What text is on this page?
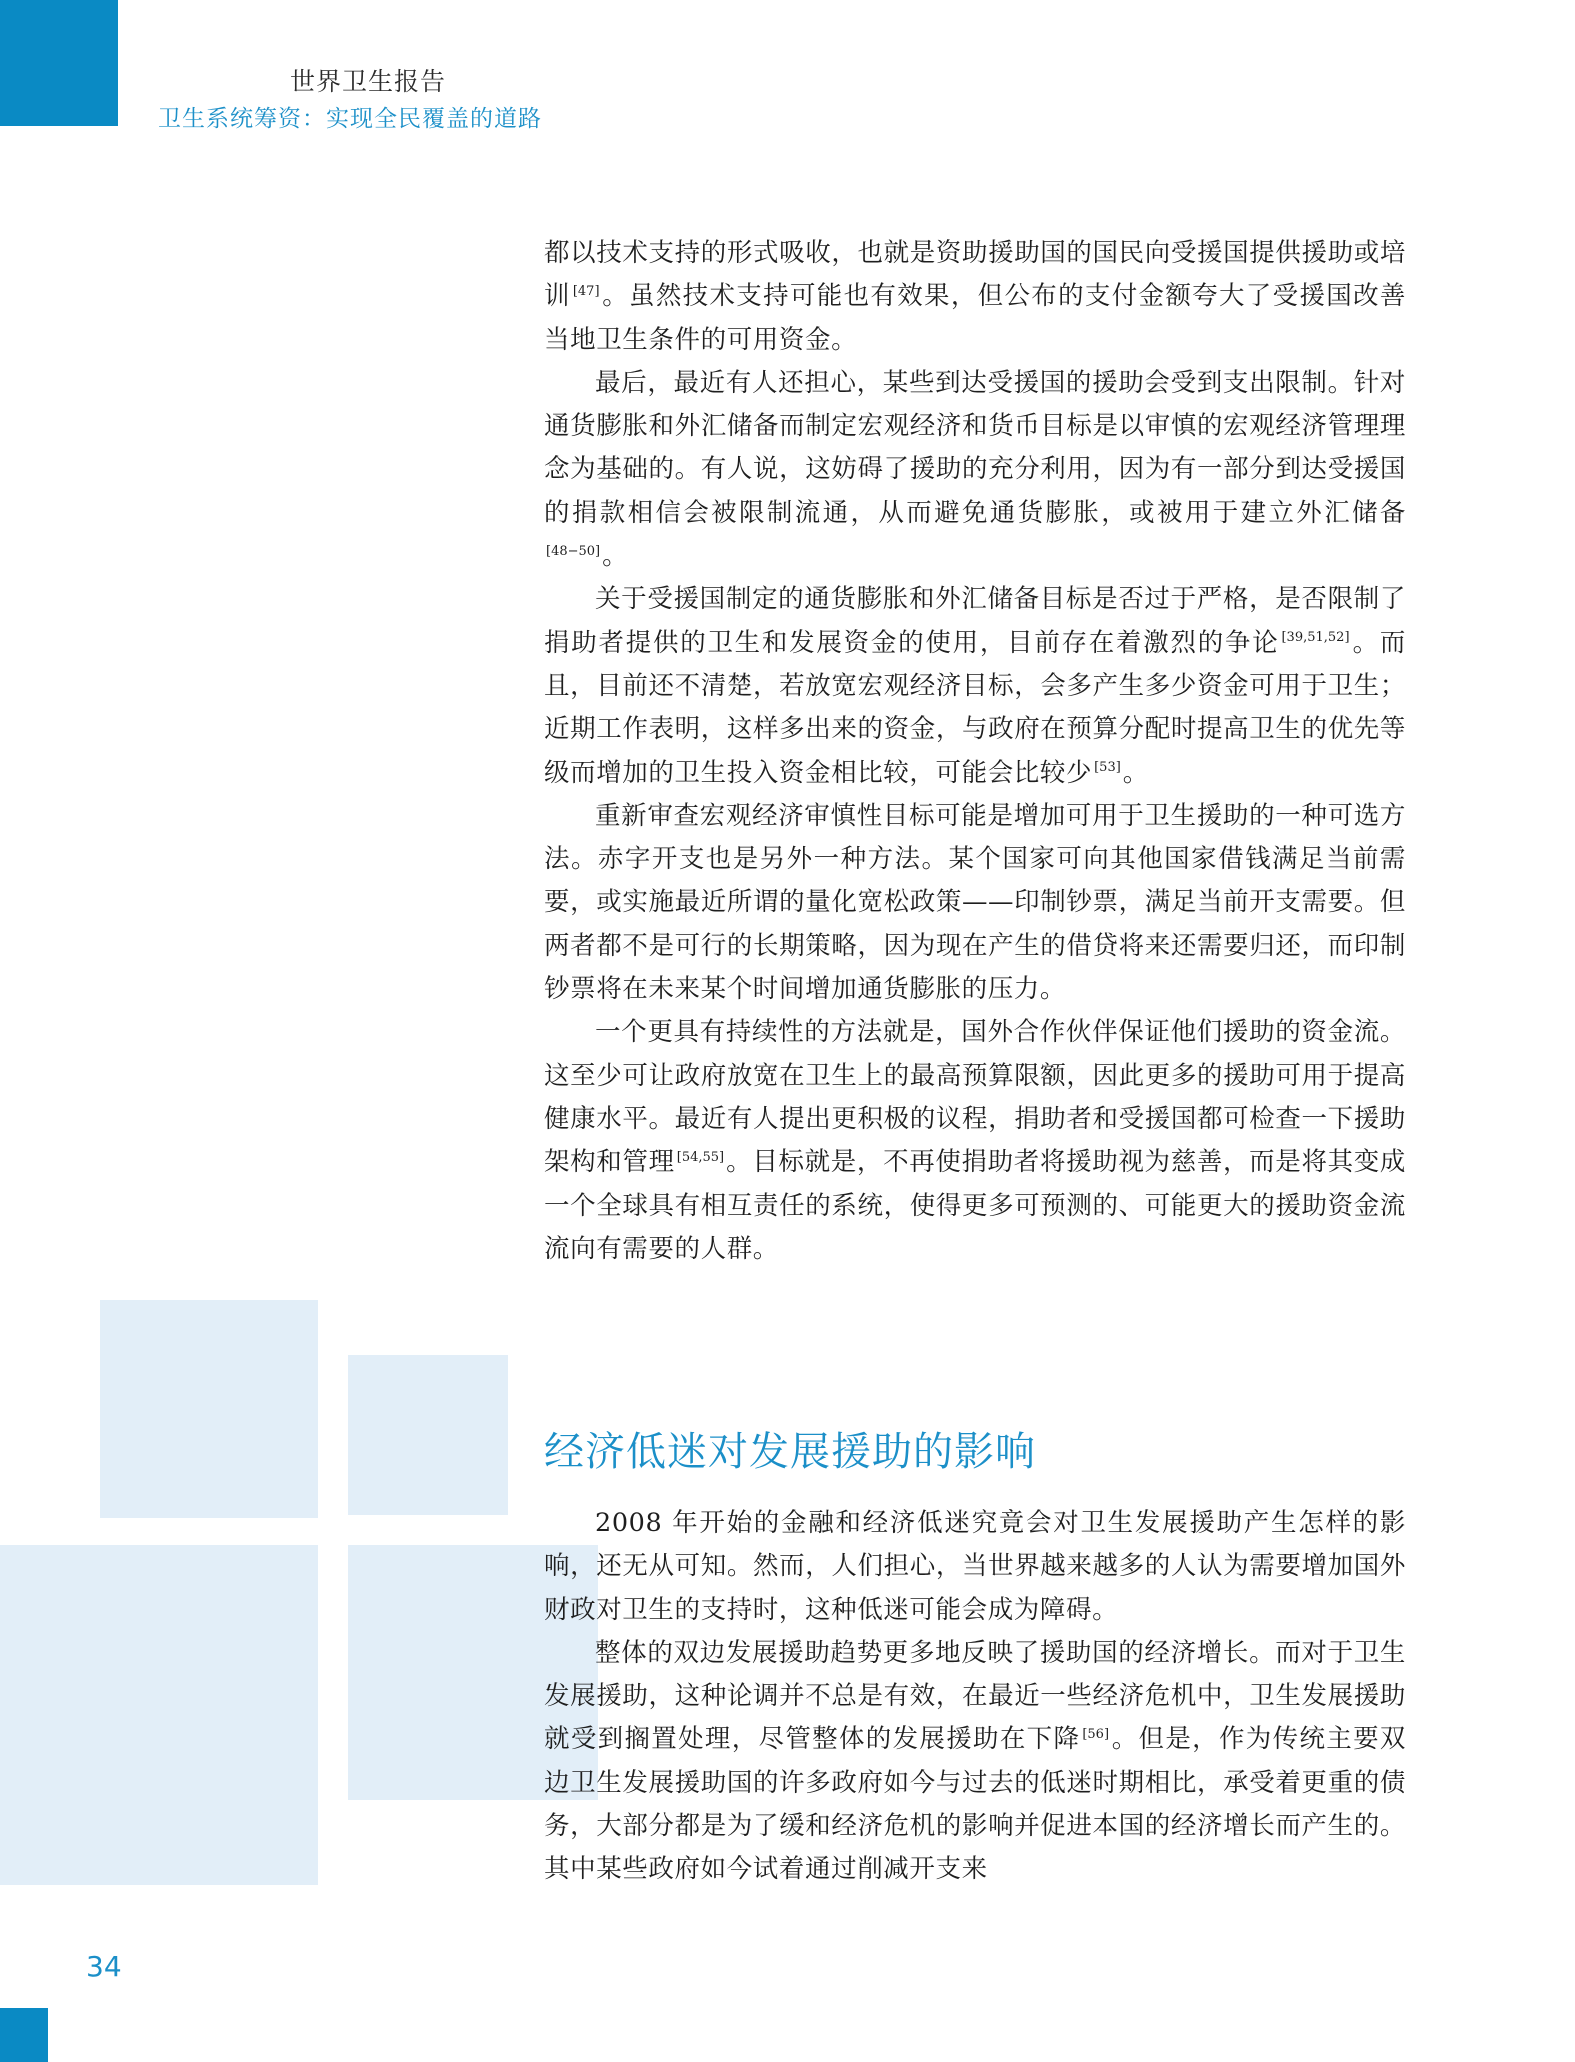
世界卫生报告
卫生系统筹资：实现全民覆盖的道路

都以技术支持的形式吸收，也就是资助援助国的国民向受援国提供援助或培训 [47]。虽然技术支持可能也有效果，但公布的支付金额夸大了受援国改善当地卫生条件的可用资金。

最后，最近有人还担心，某些到达受援国的援助会受到支出限制。针对通货膨胀和外汇储备而制定宏观经济和货币目标是以审慎的宏观经济管理理念为基础的。有人说，这妨碍了援助的充分利用，因为有一部分到达受援国的捐款相信会被限制流通，从而避免通货膨胀，或被用于建立外汇储备[48−50]。

关于受援国制定的通货膨胀和外汇储备目标是否过于严格，是否限制了捐助者提供的卫生和发展资金的使用，目前存在着激烈的争论 [39,51,52]。而且，目前还不清楚，若放宽宏观经济目标，会多产生多少资金可用于卫生；近期工作表明，这样多出来的资金，与政府在预算分配时提高卫生的优先等级而增加的卫生投入资金相比较，可能会比较少 [53]。

重新审查宏观经济审慎性目标可能是增加可用于卫生援助的一种可选方法。赤字开支也是另外一种方法。某个国家可向其他国家借钱满足当前需要，或实施最近所谓的量化宽松政策——印制钞票，满足当前开支需要。但两者都不是可行的长期策略，因为现在产生的借贷将来还需要归还，而印制钞票将在未来某个时间增加通货膨胀的压力。

一个更具有持续性的方法就是，国外合作伙伴保证他们援助的资金流。这至少可让政府放宽在卫生上的最高预算限额，因此更多的援助可用于提高健康水平。最近有人提出更积极的议程，捐助者和受援国都可检查一下援助架构和管理 [54,55]。目标就是，不再使捐助者将援助视为慈善，而是将其变成一个全球具有相互责任的系统，使得更多可预测的、可能更大的援助资金流流向有需要的人群。

经济低迷对发展援助的影响

2008 年开始的金融和经济低迷究竟会对卫生发展援助产生怎样的影响，还无从可知。然而，人们担心，当世界越来越多的人认为需要增加国外财政对卫生的支持时，这种低迷可能会成为障碍。

整体的双边发展援助趋势更多地反映了援助国的经济增长。而对于卫生发展援助，这种论调并不总是有效，在最近一些经济危机中，卫生发展援助就受到搁置处理，尽管整体的发展援助在下降 [56]。但是，作为传统主要双边卫生发展援助国的许多政府如今与过去的低迷时期相比，承受着更重的债务，大部分都是为了缓和经济危机的影响并促进本国的经济增长而产生的。其中某些政府如今试着通过削减开支来

34
